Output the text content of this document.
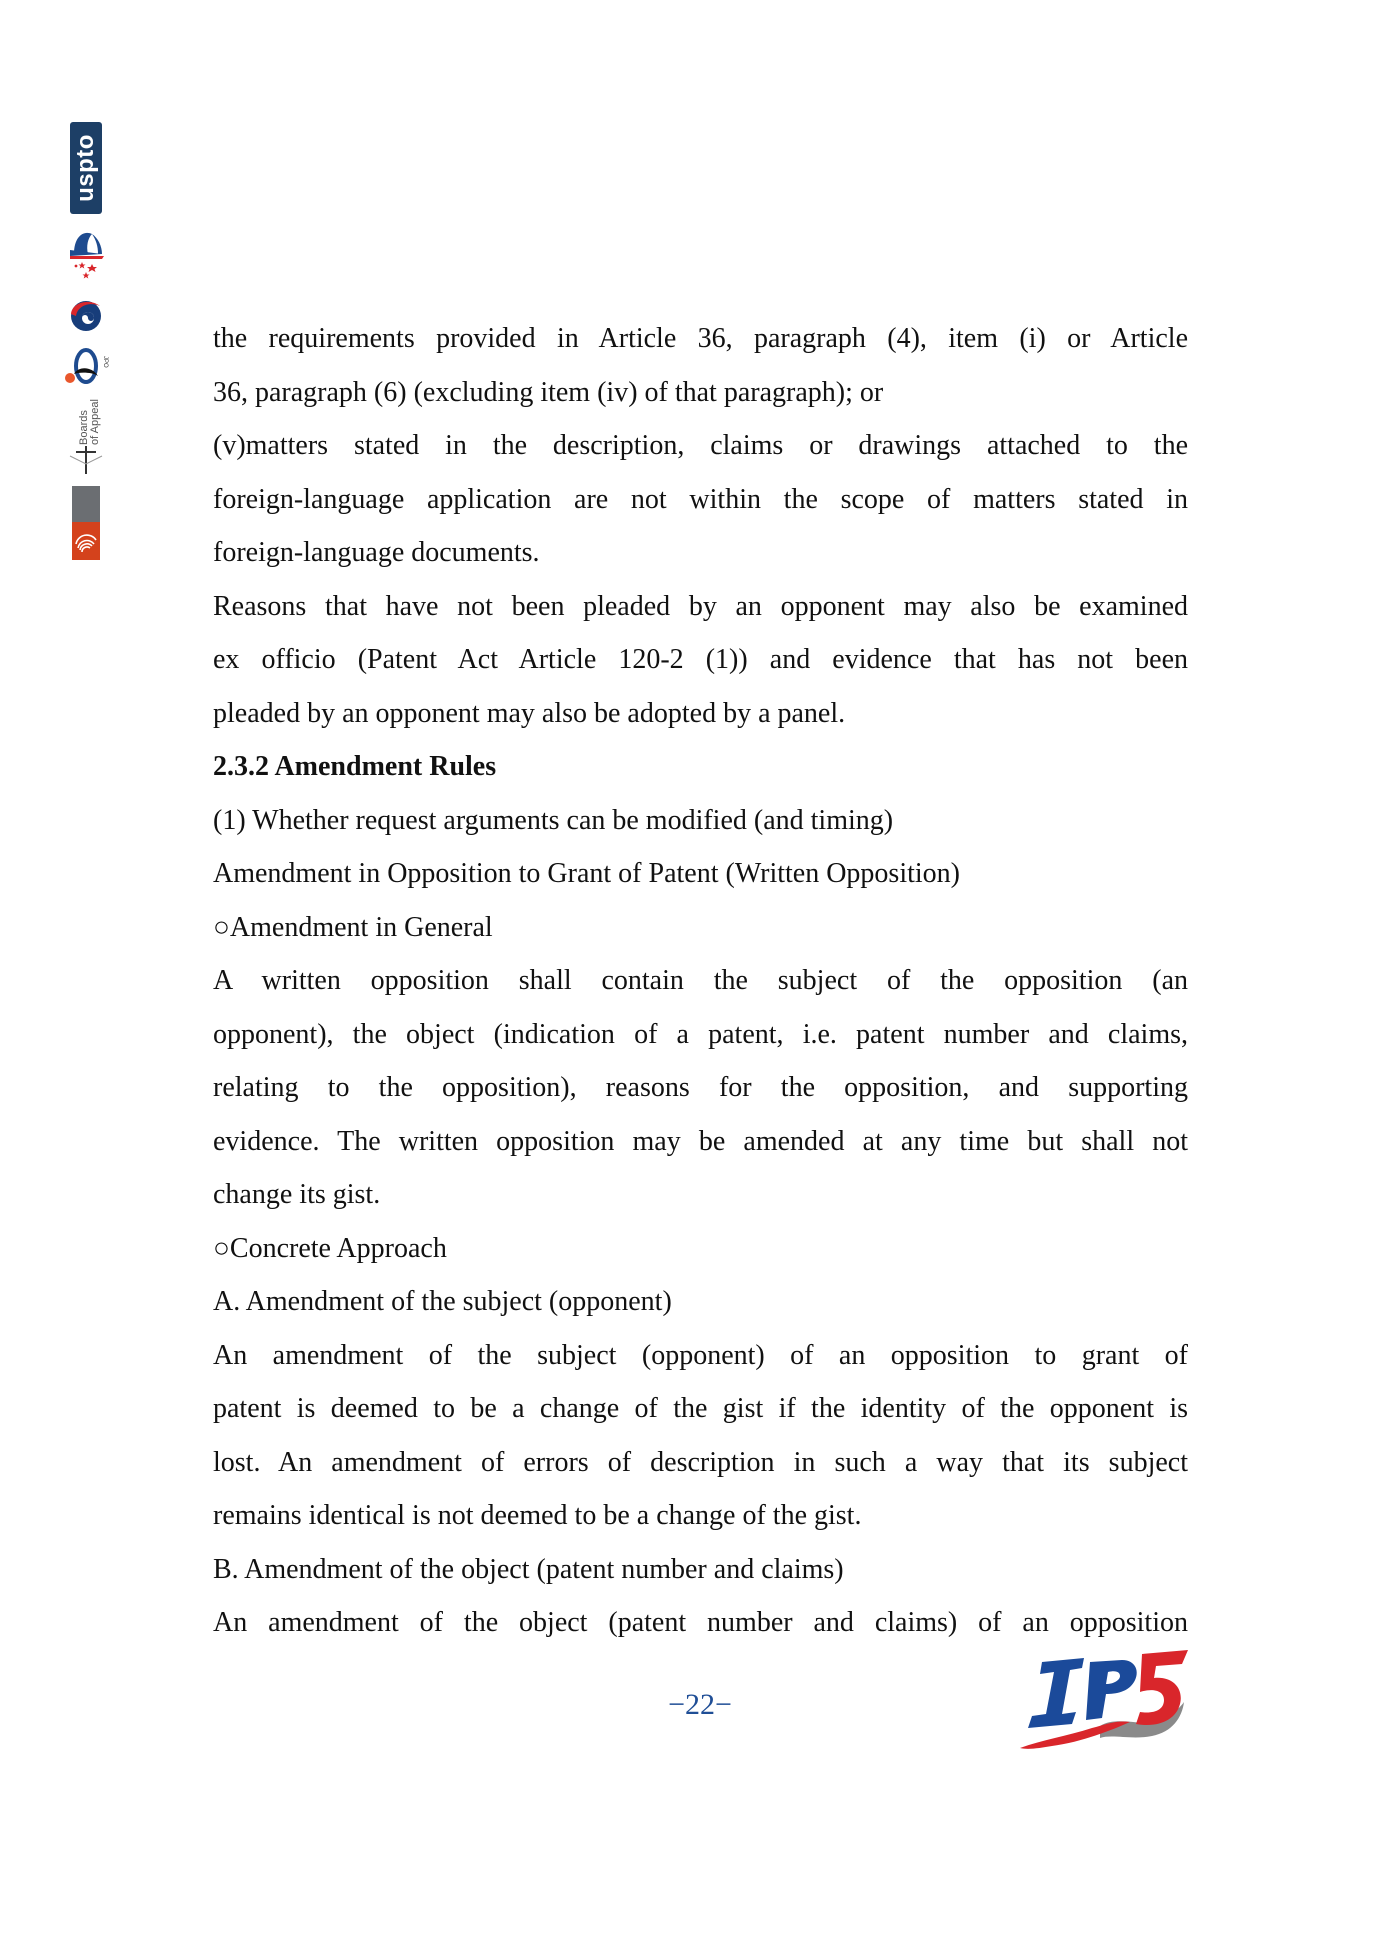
uspto
JPO
Boards of Appeal

the requirements provided in Article 36, paragraph (4), item (i) or Article

36, paragraph (6) (excluding item (iv) of that paragraph); or

(v)matters stated in the description, claims or drawings attached to the

foreign-language application are not within the scope of matters stated in

foreign-language documents.

Reasons that have not been pleaded by an opponent may also be examined

ex officio (Patent Act Article 120-2 (1)) and evidence that has not been

pleaded by an opponent may also be adopted by a panel.

2.3.2 Amendment Rules

(1) Whether request arguments can be modified (and timing)

Amendment in Opposition to Grant of Patent (Written Opposition)

○Amendment in General

A written opposition shall contain the subject of the opposition (an

opponent), the object (indication of a patent, i.e. patent number and claims,

relating to the opposition), reasons for the opposition, and supporting

evidence. The written opposition may be amended at any time but shall not

change its gist.

○Concrete Approach

A. Amendment of the subject (opponent)

An amendment of the subject (opponent) of an opposition to grant of

patent is deemed to be a change of the gist if the identity of the opponent is

lost. An amendment of errors of description in such a way that its subject

remains identical is not deemed to be a change of the gist.

B. Amendment of the object (patent number and claims)

An amendment of the object (patent number and claims) of an opposition

−22−
IP5
